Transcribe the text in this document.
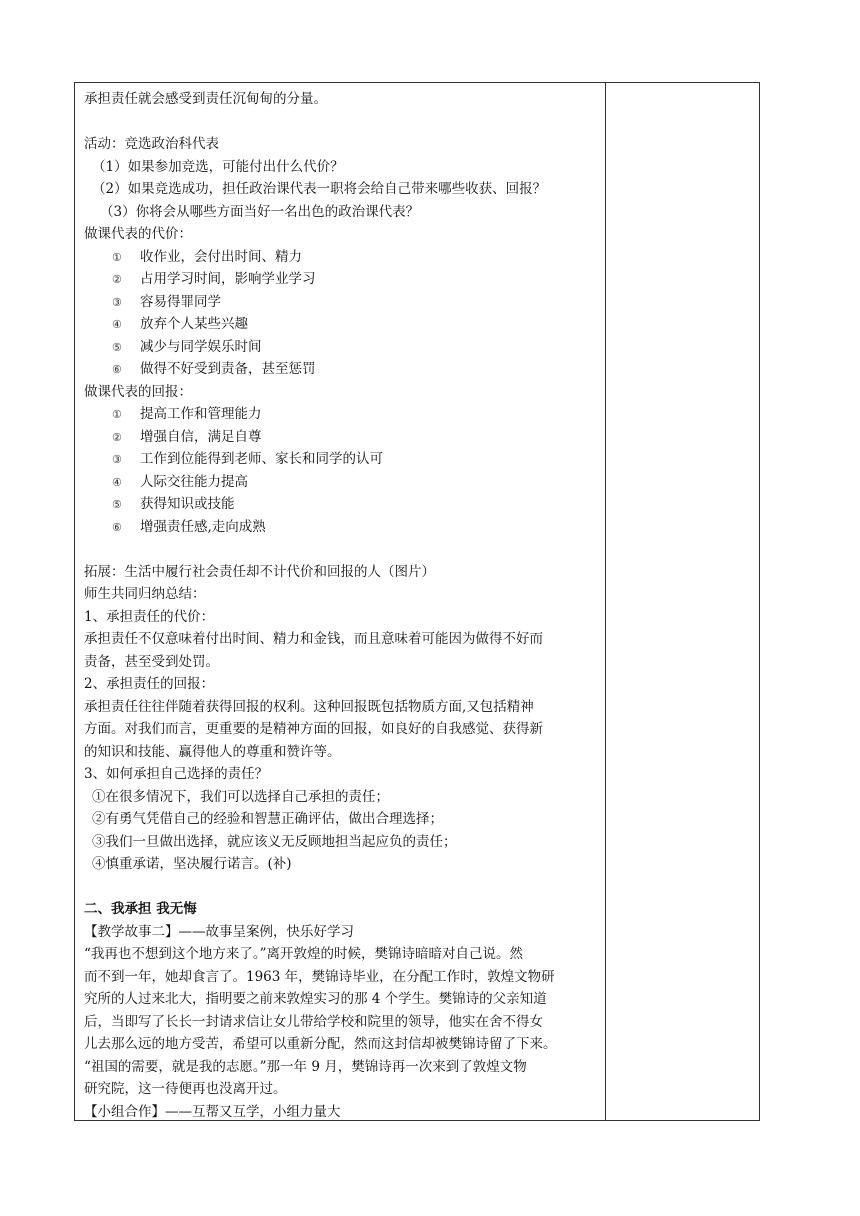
承担责任就会感受到责任沉甸甸的分量。
活动：竞选政治科代表
（1）如果参加竞选，可能付出什么代价？
（2）如果竞选成功，担任政治课代表一职将会给自己带来哪些收获、回报？
（3）你将会从哪些方面当好一名出色的政治课代表？
做课代表的代价：
① 收作业，会付出时间、精力
② 占用学习时间，影响学业学习
③ 容易得罪同学
④ 放弃个人某些兴趣
⑤ 减少与同学娱乐时间
⑥ 做得不好受到责备，甚至惩罚
做课代表的回报：
① 提高工作和管理能力
② 增强自信，满足自尊
③ 工作到位能得到老师、家长和同学的认可
④ 人际交往能力提高
⑤ 获得知识或技能
⑥ 增强责任感,走向成熟
拓展：生活中履行社会责任却不计代价和回报的人（图片）
师生共同归纳总结：
1、承担责任的代价：
承担责任不仅意味着付出时间、精力和金钱，而且意味着可能因为做得不好而
责备，甚至受到处罚。
2、承担责任的回报：
承担责任往往伴随着获得回报的权利。这种回报既包括物质方面,又包括精神
方面。对我们而言，更重要的是精神方面的回报，如良好的自我感觉、获得新
的知识和技能、赢得他人的尊重和赞许等。
3、如何承担自己选择的责任？
①在很多情况下，我们可以选择自己承担的责任；
②有勇气凭借自己的经验和智慧正确评估，做出合理选择；
③我们一旦做出选择，就应该义无反顾地担当起应负的责任；
④慎重承诺，坚决履行诺言。(补)
二、我承担 我无悔
【教学故事二】——故事呈案例，快乐好学习
“我再也不想到这个地方来了。”离开敦煌的时候，樊锦诗暗暗对自己说。然
而不到一年，她却食言了。1963 年，樊锦诗毕业，在分配工作时，敦煌文物研
究所的人过来北大，指明要之前来敦煌实习的那 4 个学生。樊锦诗的父亲知道
后，当即写了长长一封请求信让女儿带给学校和院里的领导，他实在舍不得女
儿去那么远的地方受苦，希望可以重新分配，然而这封信却被樊锦诗留了下来。
“祖国的需要，就是我的志愿。”那一年 9 月，樊锦诗再一次来到了敦煌文物
研究院，这一待便再也没离开过。
【小组合作】——互帮又互学，小组力量大
